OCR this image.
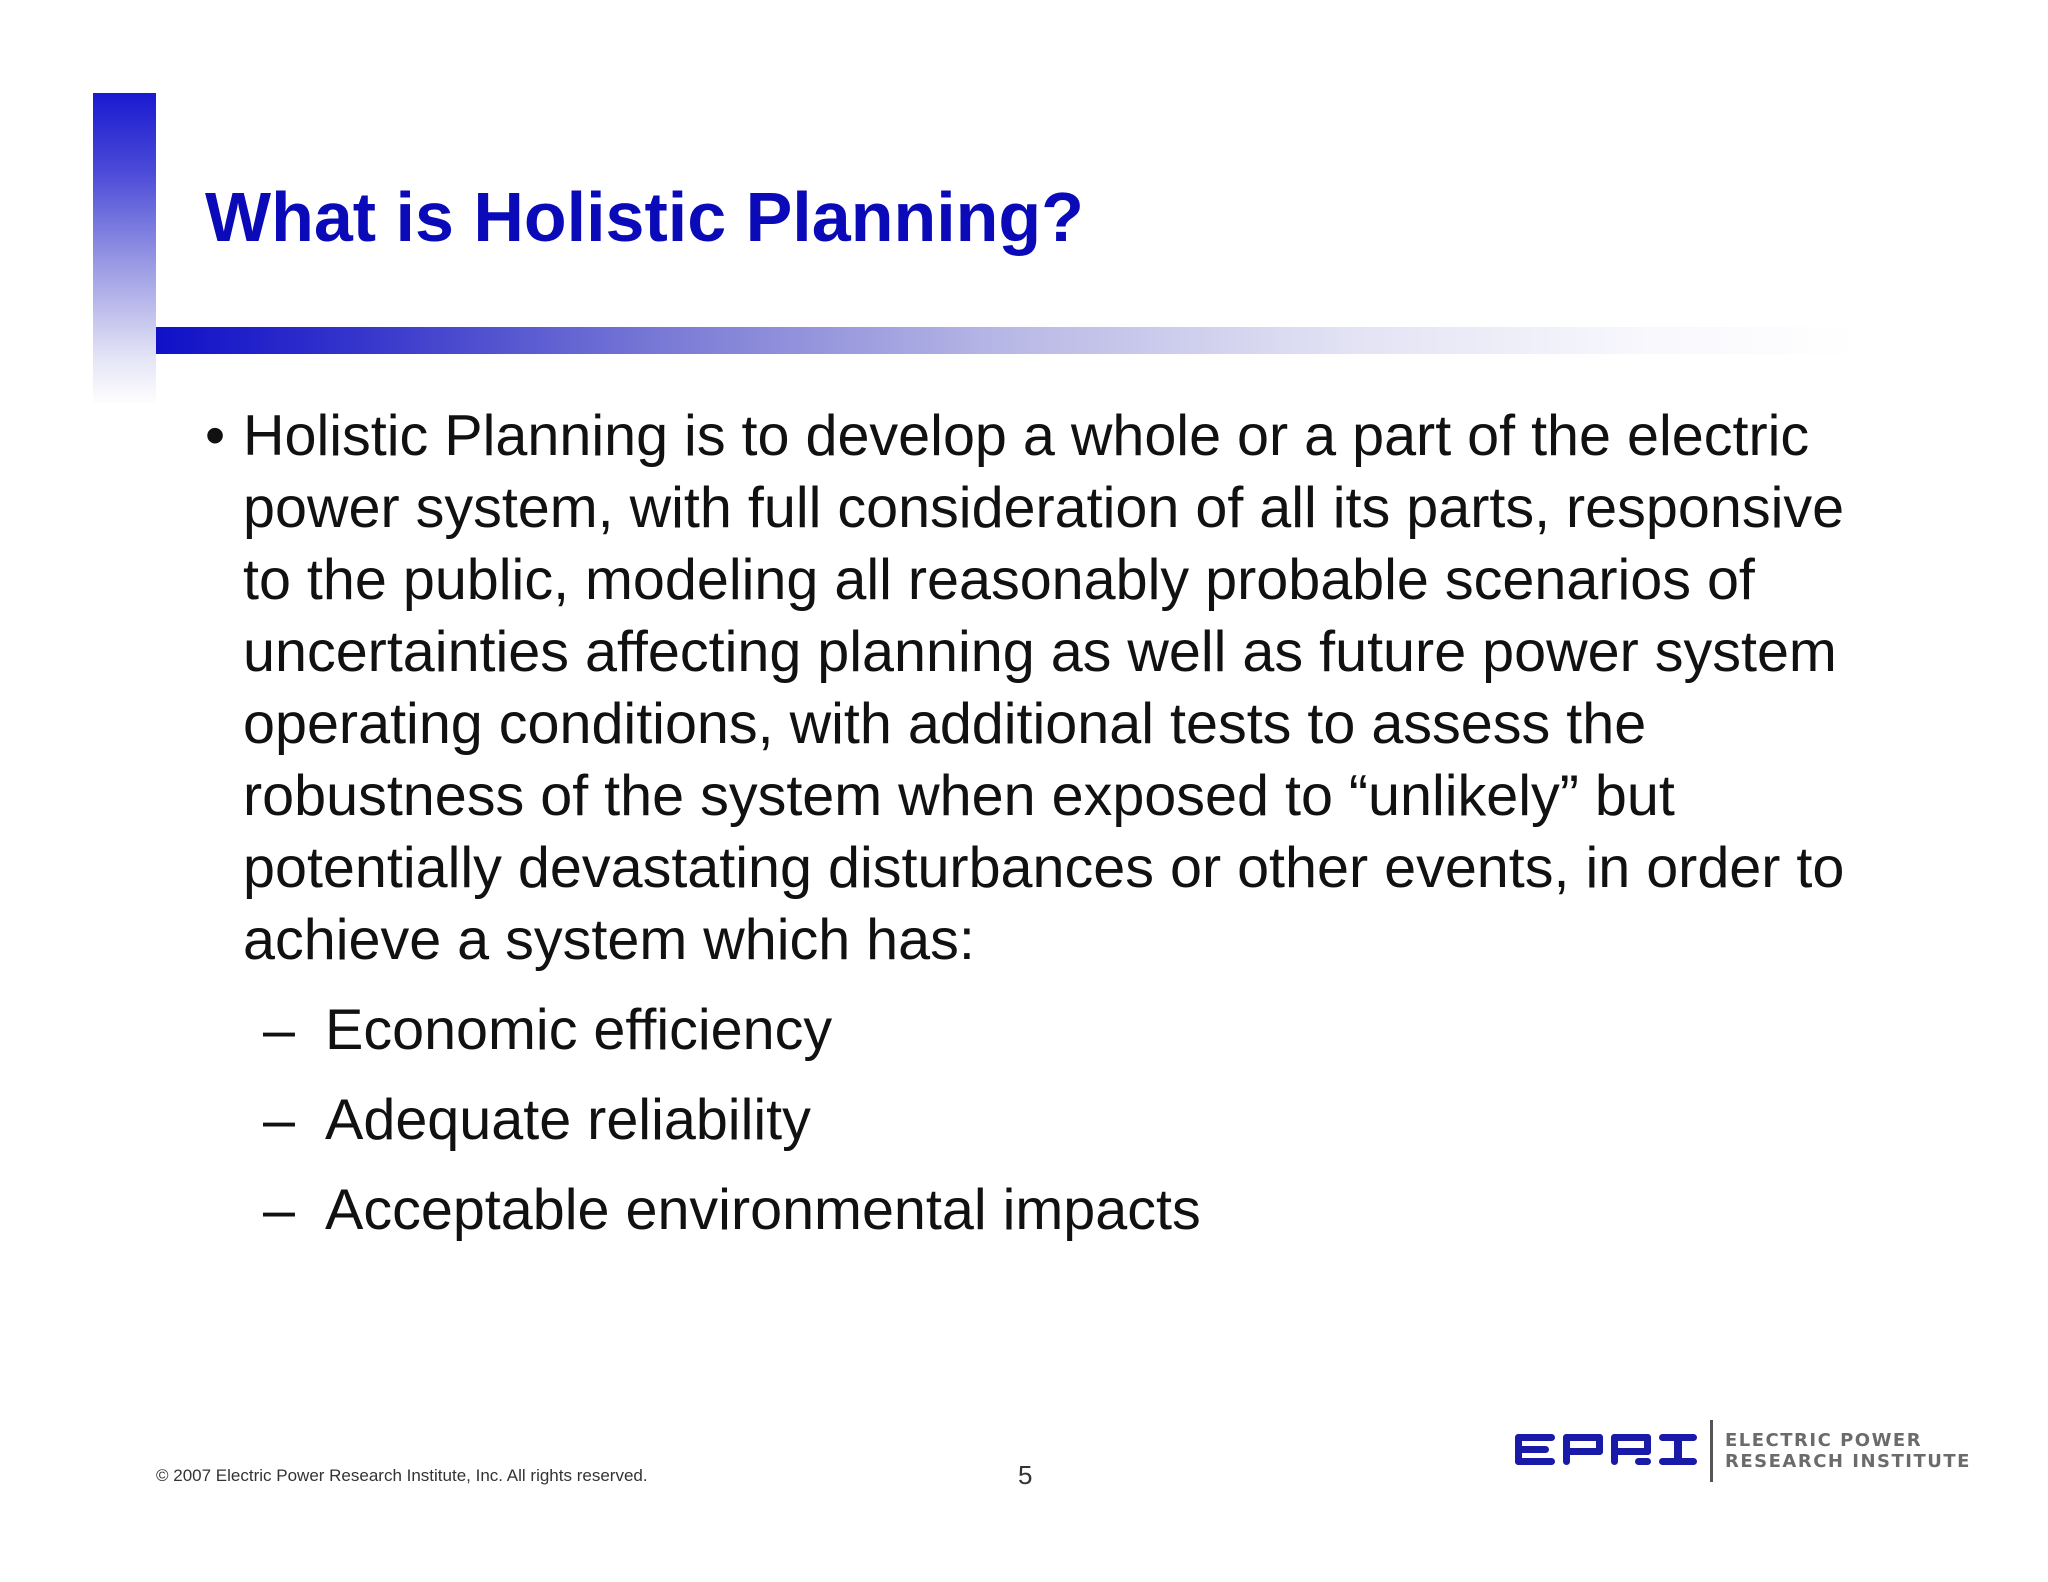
What is Holistic Planning?
• Holistic Planning is to develop a whole or a part of the electric power system, with full consideration of all its parts, responsive to the public, modeling all reasonably probable scenarios of uncertainties affecting planning as well as future power system operating conditions, with additional tests to assess the robustness of the system when exposed to “unlikely” but potentially devastating disturbances or other events, in order to achieve a system which has:
– Economic efficiency
– Adequate reliability
– Acceptable environmental impacts
© 2007 Electric Power Research Institute, Inc. All rights reserved.	5
ELECTRIC POWER
RESEARCH INSTITUTE
